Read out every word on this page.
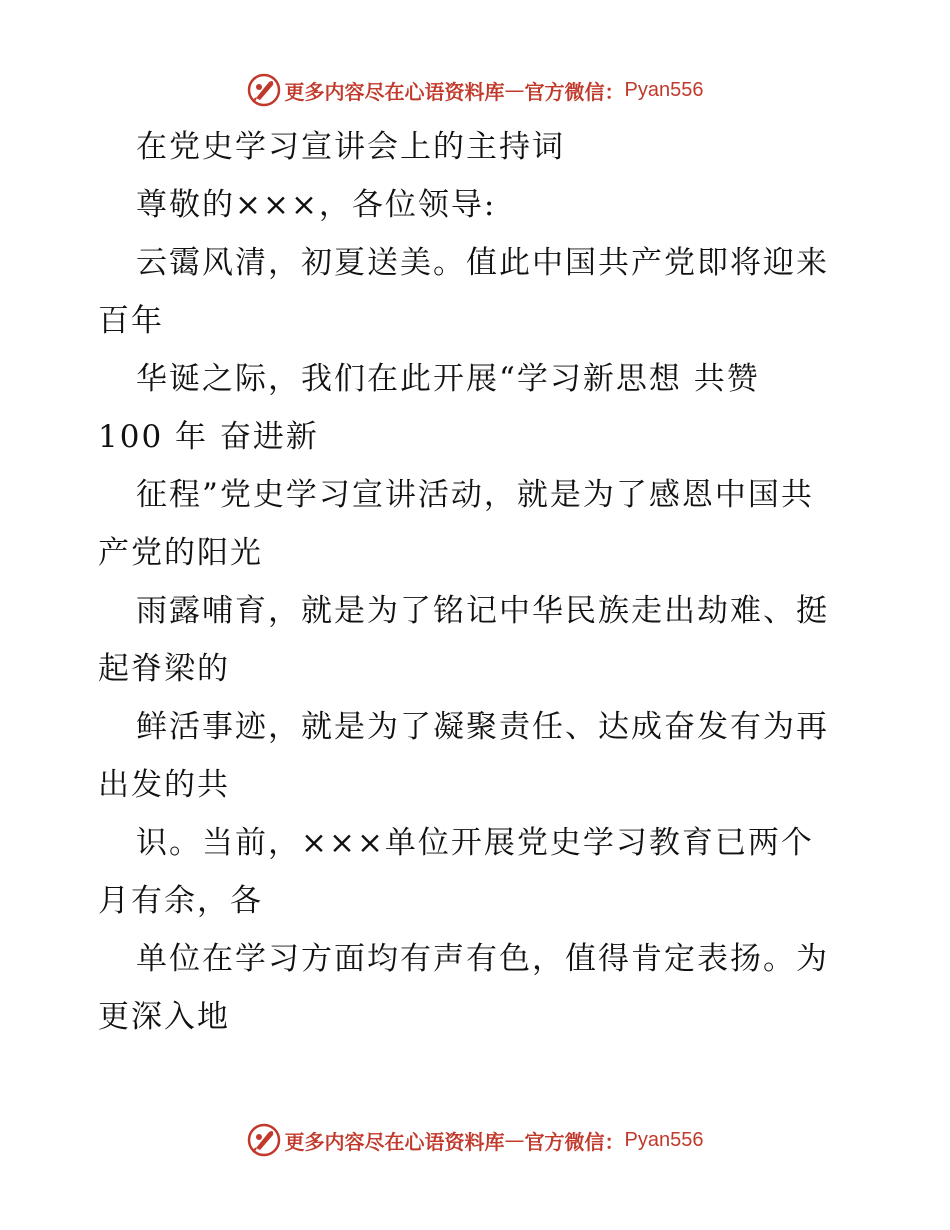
更多内容尽在心语资料库 — 官方微信： Pyan556
在党史学习宣讲会上的主持词
尊敬的×××，各位领导:
云霭风清，初夏送美。值此中国共产党即将迎来
百年
华诞之际，我们在此开展“学习新思想 共赞
100 年 奋进新
征程”党史学习宣讲活动，就是为了感恩中国共
产党的阳光
雨露哺育，就是为了铭记中华民族走出劫难、挺
起脊梁的
鲜活事迹，就是为了凝聚责任、达成奋发有为再
出发的共
识。当前，×××单位开展党史学习教育已两个
月有余，各
单位在学习方面均有声有色，值得肯定表扬。为
更深入地
更多内容尽在心语资料库 — 官方微信： Pyan556
